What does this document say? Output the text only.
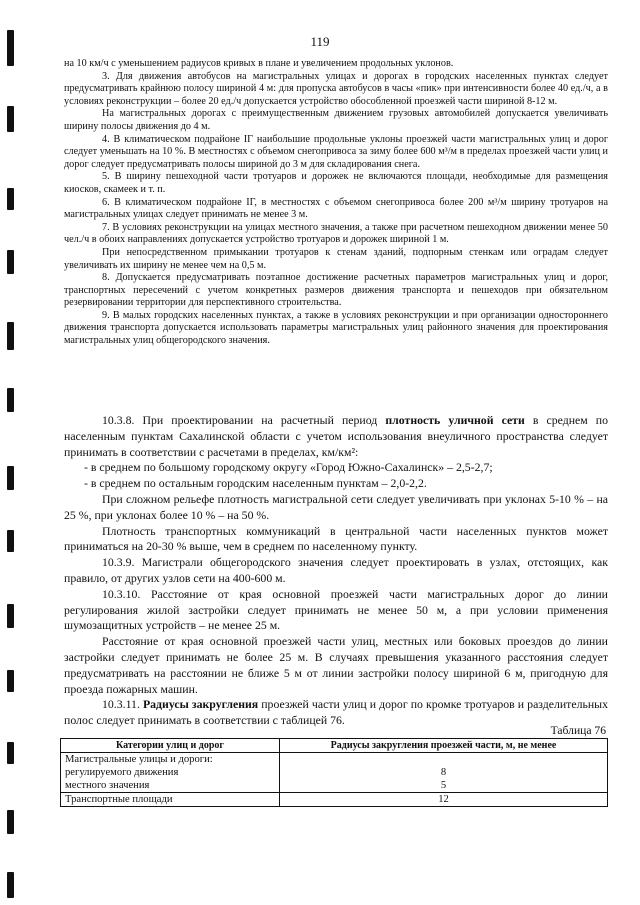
119

на 10 км/ч с уменьшением радиусов кривых в плане и увеличением продольных уклонов.

3. Для движения автобусов на магистральных улицах и дорогах в городских населенных пунктах следует предусматривать крайнюю полосу шириной 4 м: для пропуска автобусов в часы «пик» при интенсивности более 40 ед./ч, а в условиях реконструкции – более 20 ед./ч допускается устройство обособленной проезжей части шириной 8-12 м.

На магистральных дорогах с преимущественным движением грузовых автомобилей допускается увеличивать ширину полосы движения до 4 м.

4. В климатическом подрайоне IГ наибольшие продольные уклоны проезжей части магистральных улиц и дорог следует уменьшать на 10 %. В местностях с объемом снегопривоса за зиму более 600 м³/м в пределах проезжей части улиц и дорог следует предусматривать полосы шириной до 3 м для складирования снега.

5. В ширину пешеходной части тротуаров и дорожек не включаются площади, необходимые для размещения киосков, скамеек и т. п.

6. В климатическом подрайоне IГ, в местностях с объемом снегопривоса более 200 м³/м ширину тротуаров на магистральных улицах следует принимать не менее 3 м.

7. В условиях реконструкции на улицах местного значения, а также при расчетном пешеходном движении менее 50 чел./ч в обоих направлениях допускается устройство тротуаров и дорожек шириной 1 м.

При непосредственном примыкании тротуаров к стенам зданий, подпорным стенкам или оградам следует увеличивать их ширину не менее чем на 0,5 м.

8. Допускается предусматривать поэтапное достижение расчетных параметров магистральных улиц и дорог, транспортных пересечений с учетом конкретных размеров движения транспорта и пешеходов при обязательном резервировании территории для перспективного строительства.

9. В малых городских населенных пунктах, а также в условиях реконструкции и при организации одностороннего движения транспорта допускается использовать параметры магистральных улиц районного значения для проектирования магистральных улиц общегородского значения.

10.3.8. При проектировании на расчетный период плотность уличной сети в среднем по населенным пунктам Сахалинской области с учетом использования внеуличного пространства следует принимать в соответствии с расчетами в пределах, км/км²:

- в среднем по большому городскому округу «Город Южно-Сахалинск» – 2,5-2,7;

- в среднем по остальным городским населенным пунктам – 2,0-2,2.

При сложном рельефе плотность магистральной сети следует увеличивать при уклонах 5-10 % – на 25 %, при уклонах более 10 % – на 50 %.

Плотность транспортных коммуникаций в центральной части населенных пунктов может приниматься на 20-30 % выше, чем в среднем по населенному пункту.

10.3.9. Магистрали общегородского значения следует проектировать в узлах, отстоящих, как правило, от других узлов сети на 400-600 м.

10.3.10. Расстояние от края основной проезжей части магистральных дорог до линии регулирования жилой застройки следует принимать не менее 50 м, а при условии применения шумозащитных устройств – не менее 25 м.

Расстояние от края основной проезжей части улиц, местных или боковых проездов до линии застройки следует принимать не более 25 м. В случаях превышения указанного расстояния следует предусматривать на расстоянии не ближе 5 м от линии застройки полосу шириной 6 м, пригодную для проезда пожарных машин.

10.3.11. Радиусы закругления проезжей части улиц и дорог по кромке тротуаров и разделительных полос следует принимать в соответствии с таблицей 76.

Таблица 76
Категории улиц и дорог	Радиусы закругления проезжей части, м, не менее
Магистральные улицы и дороги:	
регулируемого движения	8
местного значения	5
Транспортные площади	12
